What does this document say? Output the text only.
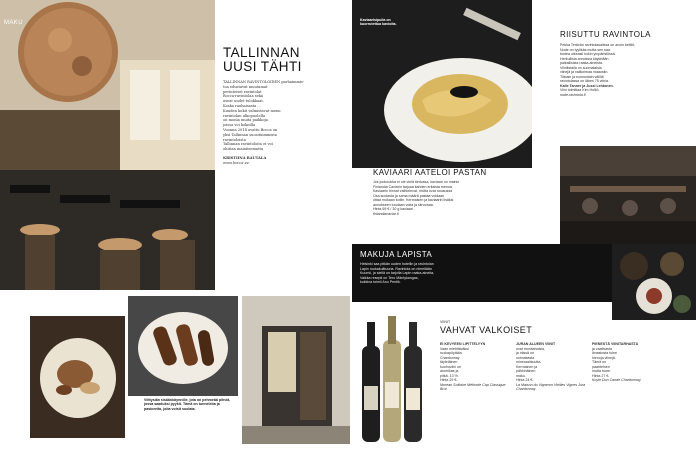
MAKU
TALLINNAN
UUSI TÄHTI
TALLINNAN RAVINTOLOIDEN parhaimmis-
toa edustavat muutamat
perinteiset ravintolat
Bocca-ravintolaa sekä
useat uudet tulokkaat.
Koska rauhaisasta ...
Kuuden kokit valmistavat menu
ravintolan ulkopuolella
on monia muita paikkoja
joissa voi kokeilla
Vuonna 2014 avattu Bocca on
yksi Tallinnan suosituimmista
ravintoloista
Tallinnan ravintoloita ei voi
ohittaa mainitsematta
KRISTIINA RAUTALA
www.bocca.ee
Vilttysiän sisäänkäynnille, jota on pehmeää pihviä, jossa saaduksi pyykit. Tämä on tunneleita ja pastoreita, joita voisit suolata.
Kaviaarisipulia on kuorrutettua kavioita.
RIISUTTU RAVINTOLA
Pekka Terävän ravintolasalissa on avoin keittiö,
Nude on tyylikäs mutta sen saa
tuntea oikeasti kokin ympäristössä.
Herkullisia annoksia käytetään
paikallisista raaka-aineista.
Viinilistalla on suomalaisia
viinejä ja valikoimaa maaosiin.
Tiistain ja sunnuntain välillä
ravintolassa on lähes 75 viinia.
Kalle Tanner ja Jussi Lehtonen.
Viini toimittaa Kim Holliö.
nude-ravintola.fi
KAVIAARI AATELOI PASTAN
Jos joulurukka ei ole vielä tiedossa, kaviaari on mainio
Finlandia Caviarin tarjoaa kahden erilaista menua.
Kaviaarin hinnat vaihtelevat, mutta ovat nousussa
Osa suolasta ja sama määrä pastaa voidaan
ottaa mukaan kotiin. Kermaisen ja kaviaarin lisäksi
annokseen tuodaan voita ja sitruunaa.
Hinta 69 € / 30 g kaviaari.
finlandiacaviar.fi
MAKUJA LAPISTA
Helsinki saa pitkän uuden hotellin ja ravintolan
Lapin ruokakulttuuria. Ravintola on nimeltään
Kuumii, ja siellä on tarjolla Lapin raaka-aineita,
Vaikka resepti on Tero Mäntykangas,
kokkina toimii Anu Pentik.
VIINIT
VAHVAT VALKOISET
EI KEVYEEN LIPITTELYYN
Vaan mietittäväksi
ruokapöytään.
Chardonnay
täyteläinen
kuohuviini on
aromikas ja
pitkä. 13 %.
Hinta 29 €.
Moreau Solitaire Méthode Cap Classique Brut
JURAN ALUEEN VIINIT
ovat monitahoisia,
ja niissä on
voimakasta
mineraalisuutta.
Kermainen ja
pähkinäinen
maku.
Hinta 24 €.
La Maison du Vigneron Vieilles Vignes Jura Chardonnay
PIENESTÄ VIINITARHASTA
ja vaativasta
ilmastosta tulee
hienoja viinejä.
Tämä on
paahteinen
mutta tuore.
Hinta 27 €.
Koyle Don Cande Chardonnay
